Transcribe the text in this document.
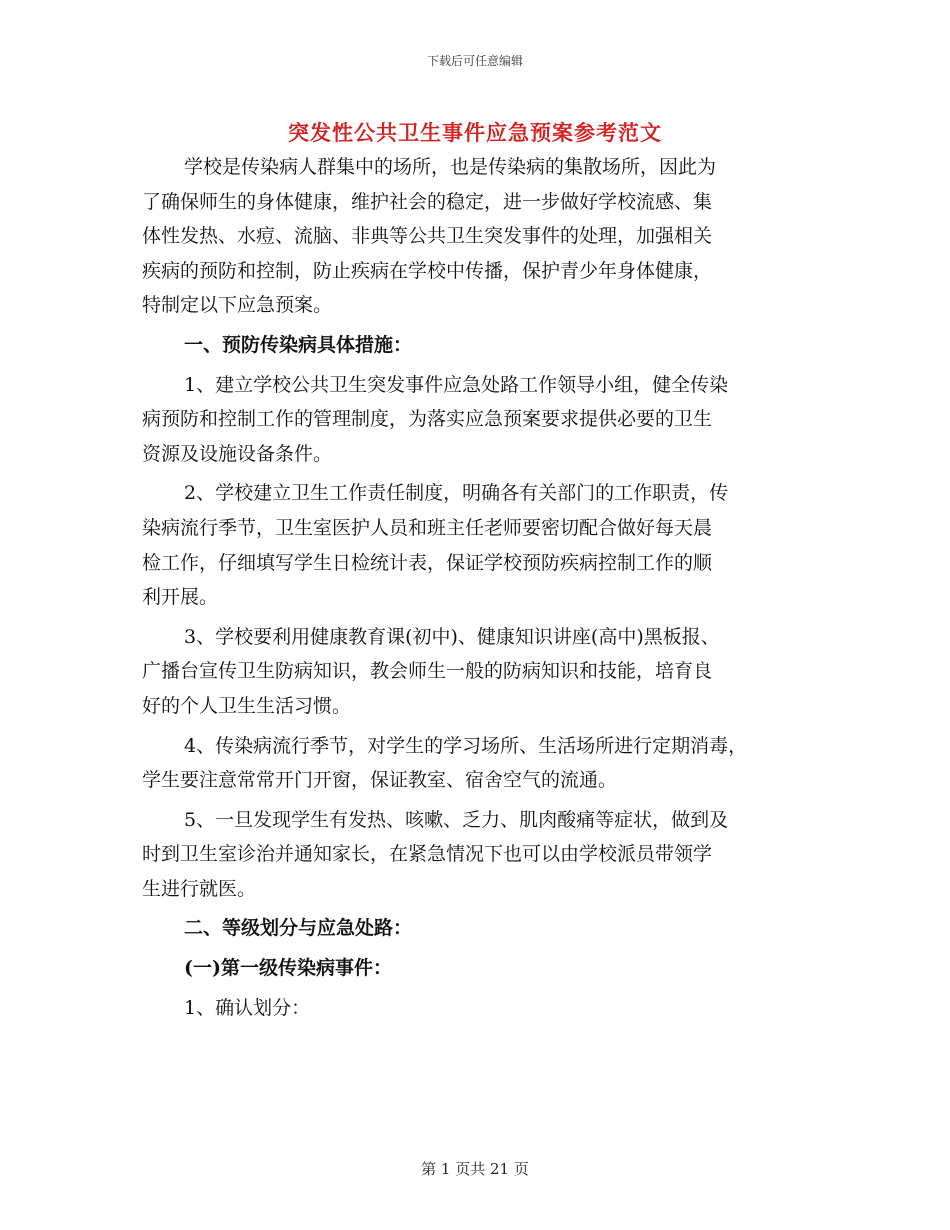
下载后可任意编辑
突发性公共卫生事件应急预案参考范文
学校是传染病人群集中的场所，也是传染病的集散场所，因此为
了确保师生的身体健康，维护社会的稳定，进一步做好学校流感、集
体性发热、水痘、流脑、非典等公共卫生突发事件的处理，加强相关
疾病的预防和控制，防止疾病在学校中传播，保护青少年身体健康，
特制定以下应急预案。
一、预防传染病具体措施：
1、建立学校公共卫生突发事件应急处路工作领导小组，健全传染
病预防和控制工作的管理制度，为落实应急预案要求提供必要的卫生
资源及设施设备条件。
2、学校建立卫生工作责任制度，明确各有关部门的工作职责，传
染病流行季节，卫生室医护人员和班主任老师要密切配合做好每天晨
检工作，仔细填写学生日检统计表，保证学校预防疾病控制工作的顺
利开展。
3、学校要利用健康教育课(初中)、健康知识讲座(高中)黑板报、
广播台宣传卫生防病知识，教会师生一般的防病知识和技能，培育良
好的个人卫生生活习惯。
4、传染病流行季节，对学生的学习场所、生活场所进行定期消毒，
学生要注意常常开门开窗，保证教室、宿舍空气的流通。
5、一旦发现学生有发热、咳嗽、乏力、肌肉酸痛等症状，做到及
时到卫生室诊治并通知家长，在紧急情况下也可以由学校派员带领学
生进行就医。
二、等级划分与应急处路：
(一)第一级传染病事件：
1、确认划分：
第 1 页共 21 页
